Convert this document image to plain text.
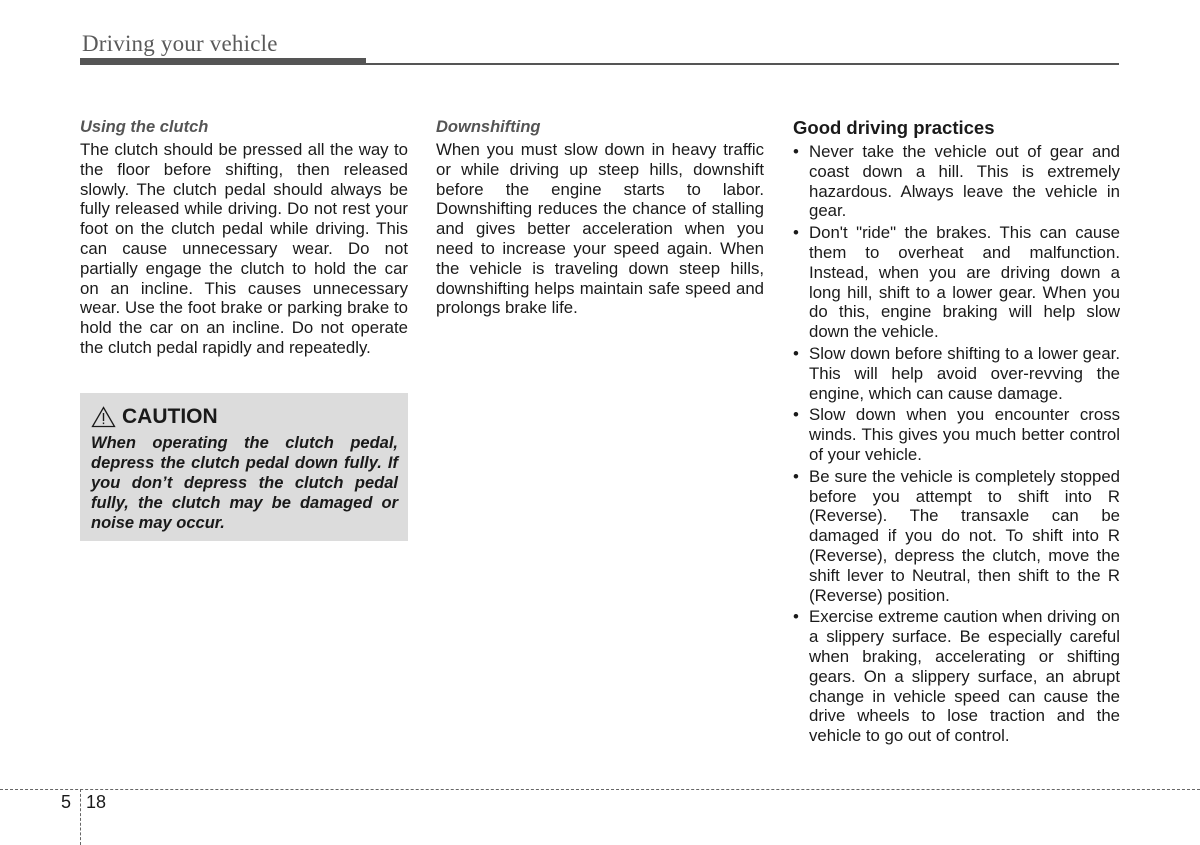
Driving your vehicle
Using the clutch

The clutch should be pressed all the way to the floor before shifting, then released slowly. The clutch pedal should always be fully released while driving. Do not rest your foot on the clutch pedal while driving. This can cause unnecessary wear. Do not partially engage the clutch to hold the car on an incline. This causes unnecessary wear. Use the foot brake or parking brake to hold the car on an incline. Do not operate the clutch pedal rapidly and repeatedly.

CAUTION

When operating the clutch pedal, depress the clutch pedal down fully. If you don’t depress the clutch pedal fully, the clutch may be damaged or noise may occur.

Downshifting

When you must slow down in heavy traffic or while driving up steep hills, downshift before the engine starts to labor. Downshifting reduces the chance of stalling and gives better acceleration when you need to increase your speed again. When the vehicle is traveling down steep hills, downshifting helps maintain safe speed and prolongs brake life.

Good driving practices
• Never take the vehicle out of gear and coast down a hill. This is extremely hazardous. Always leave the vehicle in gear.
• Don't "ride" the brakes. This can cause them to overheat and malfunction. Instead, when you are driving down a long hill, shift to a lower gear. When you do this, engine braking will help slow down the vehicle.
• Slow down before shifting to a lower gear. This will help avoid over-revving the engine, which can cause damage.
• Slow down when you encounter cross winds. This gives you much better control of your vehicle.
• Be sure the vehicle is completely stopped before you attempt to shift into R (Reverse). The transaxle can be damaged if you do not. To shift into R (Reverse), depress the clutch, move the shift lever to Neutral, then shift to the R (Reverse) position.
• Exercise extreme caution when driving on a slippery surface. Be especially careful when braking, accelerating or shifting gears. On a slippery surface, an abrupt change in vehicle speed can cause the drive wheels to lose traction and the vehicle to go out of control.
5 18
